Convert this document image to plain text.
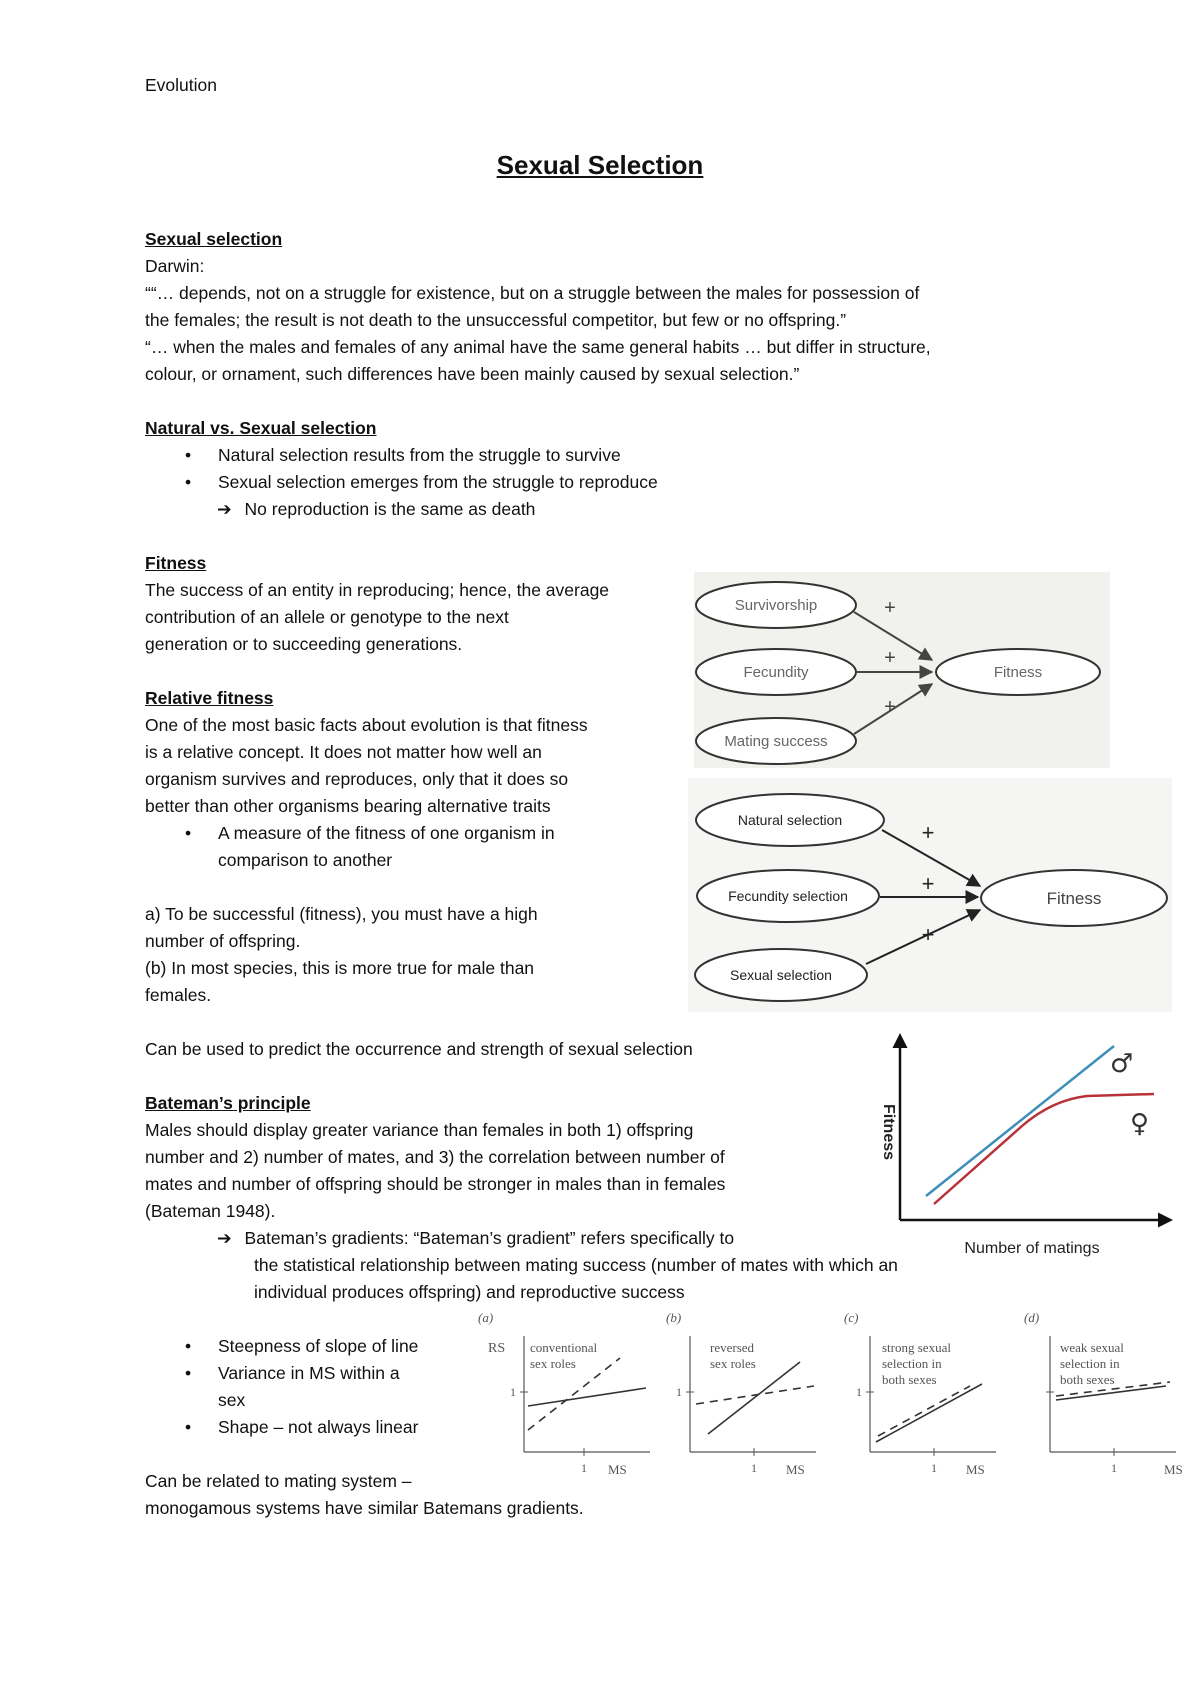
Evolution
Sexual Selection
Sexual selection
Darwin:
““… depends, not on a struggle for existence, but on a struggle between the males for possession of
the females; the result is not death to the unsuccessful competitor, but few or no offspring.”
“… when the males and females of any animal have the same general habits … but differ in structure,
colour, or ornament, such differences have been mainly caused by sexual selection.”
Natural vs. Sexual selection
• Natural selection results from the struggle to survive
• Sexual selection emerges from the struggle to reproduce
➔ No reproduction is the same as death
Fitness
The success of an entity in reproducing; hence, the average
contribution of an allele or genotype to the next
generation or to succeeding generations.
Relative fitness
One of the most basic facts about evolution is that fitness
is a relative concept. It does not matter how well an
organism survives and reproduces, only that it does so
better than other organisms bearing alternative traits
• A measure of the fitness of one organism in
comparison to another
a) To be successful (fitness), you must have a high
number of offspring.
(b) In most species, this is more true for male than
females.
Can be used to predict the occurrence and strength of sexual selection
Bateman’s principle
Males should display greater variance than females in both 1) offspring
number and 2) number of mates, and 3) the correlation between number of
mates and number of offspring should be stronger in males than in females
(Bateman 1948).
➔ Bateman’s gradients: “Bateman’s gradient” refers specifically to
the statistical relationship between mating success (number of mates with which an
individual produces offspring) and reproductive success
• Steepness of slope of line
• Variance in MS within a
sex
• Shape – not always linear
Can be related to mating system –
monogamous systems have similar Batemans gradients.
Survivorship
Fecundity
Mating success
Fitness
+
+
+
Natural selection
Fecundity selection
Sexual selection
Fitness
+
+
+
Fitness
Number of matings
♂
♀
(a)
RS conventional
sex roles
1
1 MS
(b)
reversed
sex roles
1
1 MS
(c)
strong sexual
selection in
both sexes
1
1 MS
(d)
weak sexual
selection in
both sexes
1	MS
